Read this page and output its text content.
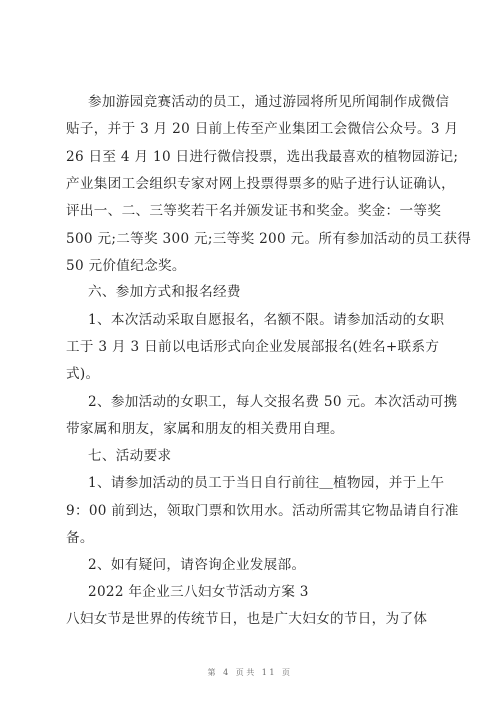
参加游园竞赛活动的员工，通过游园将所见所闻制作成微信
贴子，并于 3 月 20 日前上传至产业集团工会微信公众号。3 月
26 日至 4 月 10 日进行微信投票，选出我最喜欢的植物园游记;
产业集团工会组织专家对网上投票得票多的贴子进行认证确认，
评出一、二、三等奖若干名并颁发证书和奖金。奖金：一等奖
500 元;二等奖 300 元;三等奖 200 元。所有参加活动的员工获得
50 元价值纪念奖。
六、参加方式和报名经费
1、本次活动采取自愿报名，名额不限。请参加活动的女职
工于 3 月 3 日前以电话形式向企业发展部报名(姓名+联系方
式)。
2、参加活动的女职工，每人交报名费 50 元。本次活动可携
带家属和朋友，家属和朋友的相关费用自理。
七、活动要求
1、请参加活动的员工于当日自行前往＿植物园，并于上午
9：00 前到达，领取门票和饮用水。活动所需其它物品请自行准
备。
2、如有疑问，请咨询企业发展部。
2022 年企业三八妇女节活动方案 3
八妇女节是世界的传统节日，也是广大妇女的节日，为了体
第 4 页共 11 页
